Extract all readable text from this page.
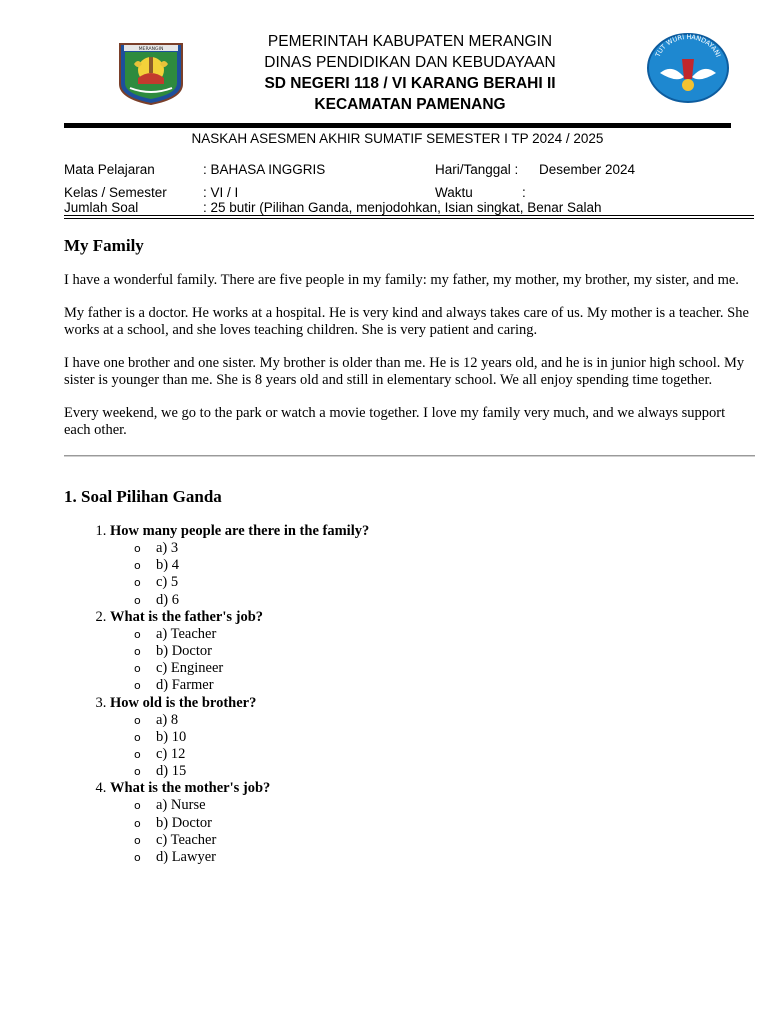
MERANGIN	PEMERINTAH KABUPATEN MERANGIN
DINAS PENDIDIKAN DAN KEBUDAYAAN
SD NEGERI 118 / VI KARANG BERAHI II
KECAMATAN PAMENANG
TUT WURI HANDAYANI
NASKAH ASESMEN AKHIR SUMATIF SEMESTER I TP 2024 / 2025
Mata Pelajaran	: BAHASA INGGRIS	Hari/Tanggal : Desember 2024
Kelas / Semester	: VI / I	Waktu	:
Jumlah Soal	: 25 butir (Pilihan Ganda, menjodohkan, Isian singkat, Benar Salah
My Family

I have a wonderful family. There are five people in my family: my father, my mother, my brother, my sister, and me.

My father is a doctor. He works at a hospital. He is very kind and always takes care of us. My mother is a teacher. She works at a school, and she loves teaching children. She is very patient and caring.

I have one brother and one sister. My brother is older than me. He is 12 years old, and he is in junior high school. My sister is younger than me. She is 8 years old and still in elementary school. We all enjoy spending time together.

Every weekend, we go to the park or watch a movie together. I love my family very much, and we always support each other.

1. Soal Pilihan Ganda
1. How many people are there in the family?
o a) 3
o b) 4
o c) 5
o d) 6
2. What is the father's job?
o a) Teacher
o b) Doctor
o c) Engineer
o d) Farmer
3. How old is the brother?
o a) 8
o b) 10
o c) 12
o d) 15
4. What is the mother's job?
o a) Nurse
o b) Doctor
o c) Teacher
o d) Lawyer
